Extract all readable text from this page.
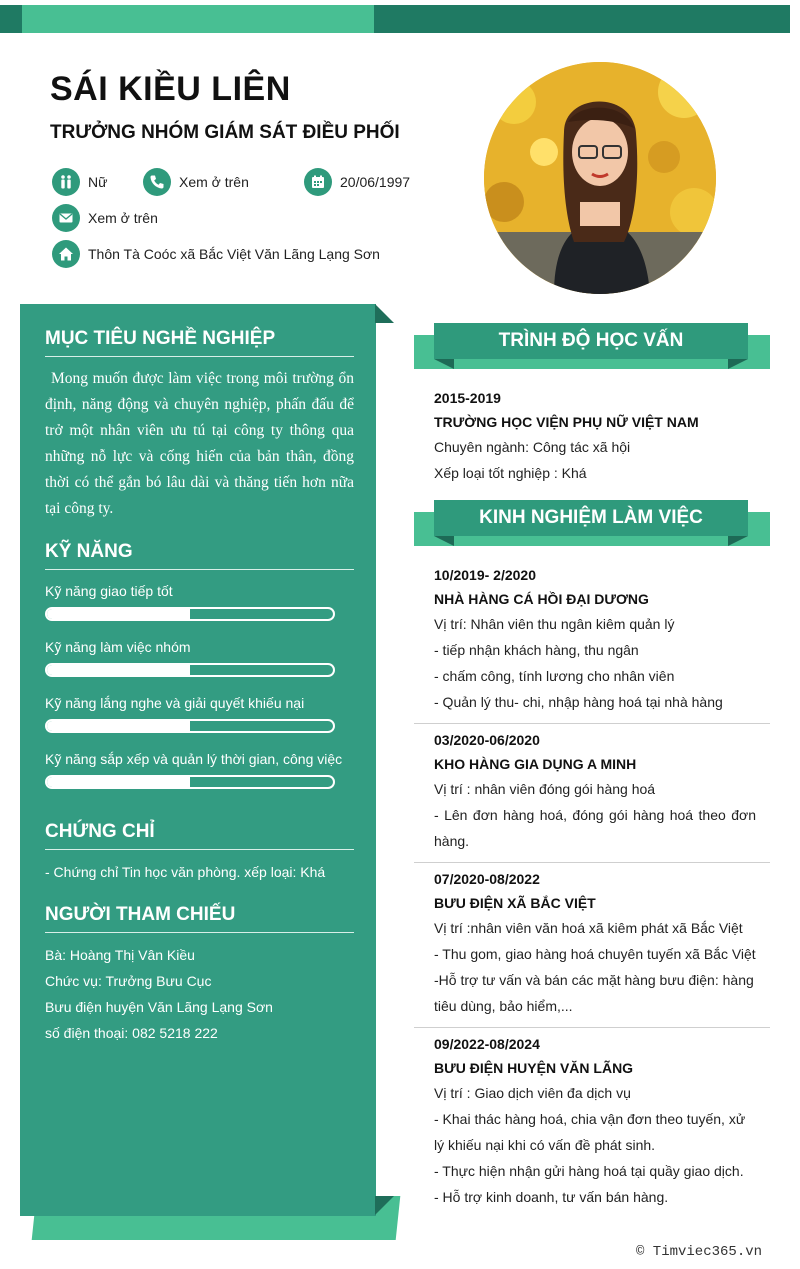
SÁI KIỀU LIÊN
TRƯỞNG NHÓM GIÁM SÁT ĐIỀU PHỐI
Nữ	Xem ở trên	20/06/1997
Xem ở trên
Thôn Tà Coóc xã Bắc Việt Văn Lãng Lạng Sơn
MỤC TIÊU NGHỀ NGHIỆP
Mong muốn được làm việc trong môi trường ổn định, năng động và chuyên nghiệp, phấn đấu để trở một nhân viên ưu tú tại công ty thông qua những nỗ lực và cống hiến của bản thân, đồng thời có thể gắn bó lâu dài và thăng tiến hơn nữa tại công ty.
KỸ NĂNG
Kỹ năng giao tiếp tốt
Kỹ năng làm việc nhóm
Kỹ năng lắng nghe và giải quyết khiếu nại
Kỹ năng sắp xếp và quản lý thời gian, công việc
CHỨNG CHỈ
- Chứng chỉ Tin học văn phòng. xếp loại: Khá
NGƯỜI THAM CHIẾU
Bà: Hoàng Thị Vân Kiều
Chức vụ: Trưởng Bưu Cục
Bưu điện huyện Văn Lãng Lạng Sơn
số điện thoại: 082 5218 222
TRÌNH ĐỘ HỌC VẤN
2015-2019
TRƯỜNG HỌC VIỆN PHỤ NỮ VIỆT NAM
Chuyên ngành: Công tác xã hội
Xếp loại tốt nghiệp : Khá
KINH NGHIỆM LÀM VIỆC
10/2019- 2/2020
NHÀ HÀNG CÁ HỒI ĐẠI DƯƠNG
Vị trí: Nhân viên thu ngân kiêm quản lý
- tiếp nhận khách hàng, thu ngân
- chấm công, tính lương cho nhân viên
- Quản lý thu- chi, nhập hàng hoá tại nhà hàng
03/2020-06/2020
KHO HÀNG GIA DỤNG A MINH
Vị trí : nhân viên đóng gói hàng hoá
- Lên đơn hàng hoá, đóng gói hàng hoá theo đơn hàng.
07/2020-08/2022
BƯU ĐIỆN XÃ BẮC VIỆT
Vị trí :nhân viên văn hoá xã kiêm phát xã Bắc Việt
- Thu gom, giao hàng hoá chuyên tuyến xã Bắc Việt
-Hỗ trợ tư vấn và bán các mặt hàng bưu điện: hàng tiêu dùng, bảo hiểm,...
09/2022-08/2024
BƯU ĐIỆN HUYỆN VĂN LÃNG
Vị trí : Giao dịch viên đa dịch vụ
- Khai thác hàng hoá, chia vận đơn theo tuyến, xử lý khiếu nại khi có vấn đề phát sinh.
- Thực hiện nhận gửi hàng hoá tại quầy giao dịch.
- Hỗ trợ kinh doanh, tư vấn bán hàng.
© Timviec365.vn
